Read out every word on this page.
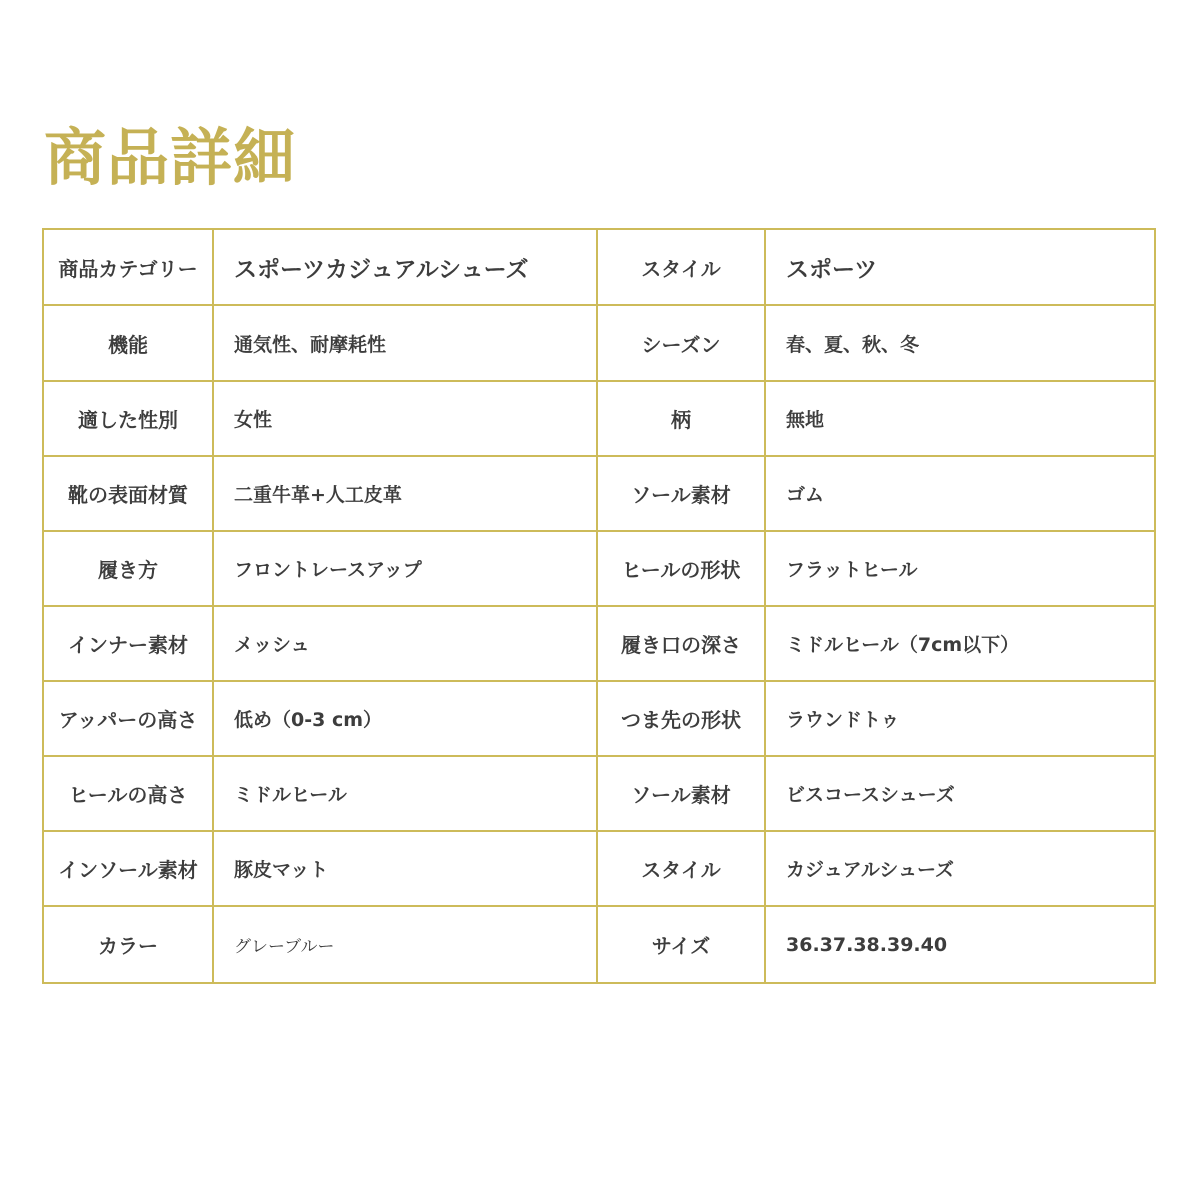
商品詳細
商品カテゴリー	スポーツカジュアルシューズ	スタイル	スポーツ
機能	通気性、耐摩耗性	シーズン	春、夏、秋、冬
適した性別	女性	柄	無地
靴の表面材質	二重牛革+人工皮革	ソール素材	ゴム
履き方	フロントレースアップ	ヒールの形状	フラットヒール
インナー素材	メッシュ	履き口の深さ	ミドルヒール（7cm以下）
アッパーの高さ	低め（0-3 cm）	つま先の形状	ラウンドトゥ
ヒールの高さ	ミドルヒール	ソール素材	ビスコースシューズ
インソール素材	豚皮マット	スタイル	カジュアルシューズ
カラー	グレーブルー	サイズ	36.37.38.39.40
